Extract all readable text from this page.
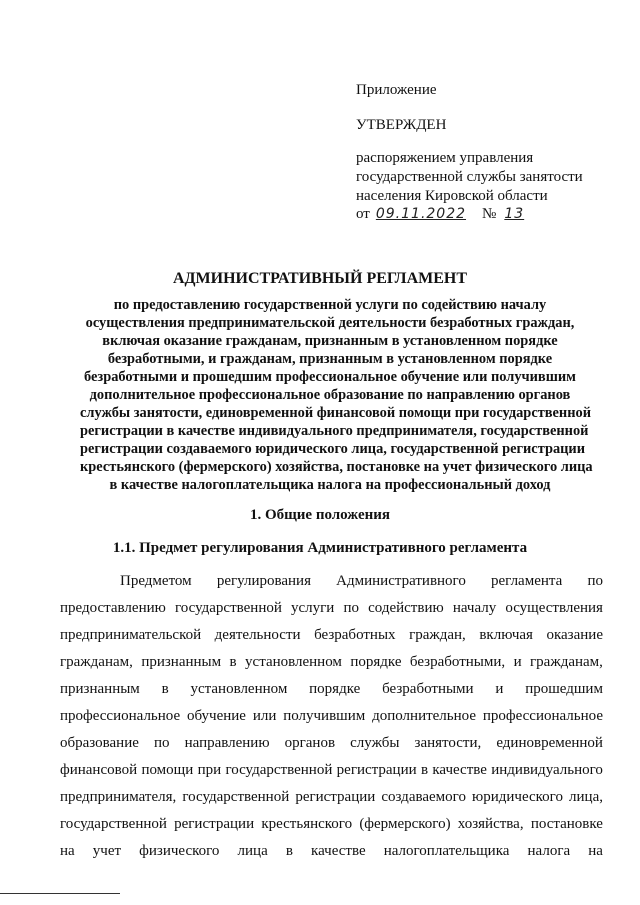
Приложение
УТВЕРЖДЕН
распоряжением управления
государственной службы занятости
населения Кировской области
от 09.11.2022 № 13
АДМИНИСТРАТИВНЫЙ РЕГЛАМЕНТ
по предоставлению государственной услуги по содействию началу
осуществления предпринимательской деятельности безработных граждан,
включая оказание гражданам, признанным в установленном порядке
безработными, и гражданам, признанным в установленном порядке
безработными и прошедшим профессиональное обучение или получившим
дополнительное профессиональное образование по направлению органов
службы занятости, единовременной финансовой помощи при государственной
регистрации в качестве индивидуального предпринимателя, государственной
регистрации создаваемого юридического лица, государственной регистрации
крестьянского (фермерского) хозяйства, постановке на учет физического лица
в качестве налогоплательщика налога на профессиональный доход
1. Общие положения
1.1. Предмет регулирования Административного регламента
Предметом регулирования Административного регламента по
предоставлению государственной услуги по содействию началу осуществления
предпринимательской деятельности безработных граждан, включая оказание
гражданам, признанным в установленном порядке безработными, и гражданам,
признанным в установленном порядке безработными и прошедшим
профессиональное обучение или получившим дополнительное профессиональное
образование по направлению органов службы занятости, единовременной
финансовой помощи при государственной регистрации в качестве индивидуального
предпринимателя, государственной регистрации создаваемого юридического лица,
государственной регистрации крестьянского (фермерского) хозяйства, постановке
на учет физического лица в качестве налогоплательщика налога на
